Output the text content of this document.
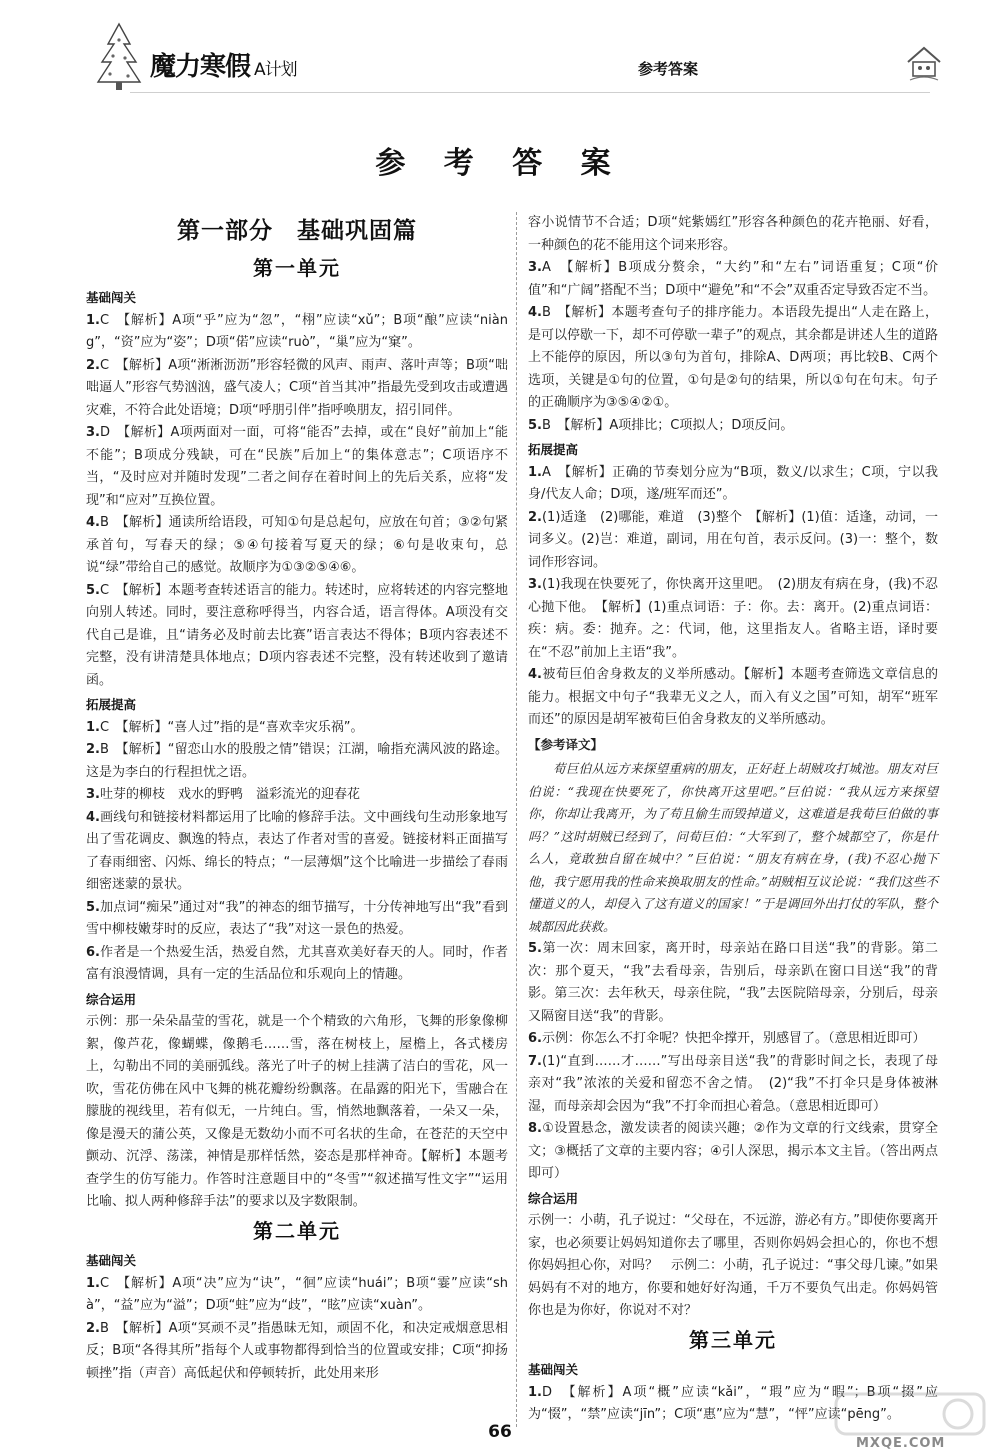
魔力寒假 A计划	参考答案
参 考 答 案
第一部分　基础巩固篇
第一单元
基础闯关

1.C　【解析】A项“乎”应为“忽”，“栩”应读“xǔ”；B项“酿”应读“niàng”，“资”应为“姿”；D项“偌”应读“ruò”，“巢”应为“窠”。

2.C　【解析】A项“淅淅沥沥”形容轻微的风声、雨声、落叶声等；B项“咄咄逼人”形容气势汹汹，盛气凌人；C项“首当其冲”指最先受到攻击或遭遇灾难，不符合此处语境；D项“呼朋引伴”指呼唤朋友，招引同伴。

3.D　【解析】A项两面对一面，可将“能否”去掉，或在“良好”前加上“能不能”；B项成分残缺，可在“民族”后加上“的集体意志”；C项语序不当，“及时应对并随时发现”二者之间存在着时间上的先后关系，应将“发现”和“应对”互换位置。

4.B　【解析】通读所给语段，可知①句是总起句，应放在句首；③②句紧承首句，写春天的绿；⑤④句接着写夏天的绿；⑥句是收束句，总说“绿”带给自己的感觉。故顺序为①③②⑤④⑥。

5.C　【解析】本题考查转述语言的能力。转述时，应将转述的内容完整地向别人转述。同时，要注意称呼得当，内容合适，语言得体。A项没有交代自己是谁，且“请务必及时前去比赛”语言表达不得体；B项内容表述不完整，没有讲清楚具体地点；D项内容表述不完整，没有转述收到了邀请函。

拓展提高

1.C　【解析】“喜人过”指的是“喜欢幸灾乐祸”。

2.B　【解析】“留恋山水的股殷之情”错误；江湖，喻指充满风波的路途。这是为李白的行程担忧之语。

3.吐芽的柳枝　戏水的野鸭　溢彩流光的迎春花

4.画线句和链接材料都运用了比喻的修辞手法。文中画线句生动形象地写出了雪花调皮、飘逸的特点，表达了作者对雪的喜爱。链接材料正面描写了春雨细密、闪烁、绵长的特点；“一层薄烟”这个比喻进一步描绘了春雨细密迷蒙的景状。

5.加点词“痴呆”通过对“我”的神态的细节描写，十分传神地写出“我”看到雪中柳枝嫩芽时的反应，表达了“我”对这一景色的热爱。

6.作者是一个热爱生活，热爱自然，尤其喜欢美好春天的人。同时，作者富有浪漫情调，具有一定的生活品位和乐观向上的情趣。

综合运用

示例：那一朵朵晶莹的雪花，就是一个个精致的六角形，飞舞的形象像柳絮，像芦花，像蝴蝶，像鹅毛……雪，落在树枝上，屋檐上，各式楼房上，勾勒出不同的美丽弧线。落光了叶子的树上挂满了洁白的雪花，风一吹，雪花仿佛在风中飞舞的桃花瓣纷纷飘落。在晶露的阳光下，雪融合在朦胧的视线里，若有似无，一片纯白。雪，悄然地飘落着，一朵又一朵，像是漫天的蒲公英，又像是无数幼小而不可名状的生命，在苍茫的天空中颤动、沉浮、荡漾，神情是那样恬然，姿态是那样神奇。【解析】本题考查学生的仿写能力。作答时注意题目中的“冬雪”“叙述描写性文字”“运用比喻、拟人两种修辞手法”的要求以及字数限制。

第二单元
基础闯关

1.C　【解析】A项“决”应为“诀”，“徊”应读“huái”；B项“霎”应读“shà”，“益”应为“溢”；D项“蛀”应为“歧”，“眩”应读“xuàn”。

2.B　【解析】A项“冥顽不灵”指愚昧无知，顽固不化，和决定戒烟意思相反；B项“各得其所”指每个人或事物都得到恰当的位置或安排；C项“抑扬顿挫”指（声音）高低起伏和停顿转折，此处用来形

容小说情节不合适；D项“姹紫嫣红”形容各种颜色的花卉艳丽、好看，一种颜色的花不能用这个词来形容。

3.A　【解析】B项成分赘余，“大约”和“左右”词语重复；C项“价值”和“广阔”搭配不当；D项中“避免”和“不会”双重否定导致否定不当。

4.B　【解析】本题考查句子的排序能力。本语段先提出“人走在路上，是可以停歇一下，却不可停歇一辈子”的观点，其余都是讲述人生的道路上不能停的原因，所以③句为首句，排除A、D两项；再比较B、C两个选项，关键是①句的位置，①句是②句的结果，所以①句在句末。句子的正确顺序为③⑤④②①。

5.B　【解析】A项排比；C项拟人；D项反问。

拓展提高

1.A　【解析】正确的节奏划分应为“B项，数义/以求生；C项，宁以我身/代友人命；D项，遂/班军而还”。

2.(1)适逢　(2)哪能，难道　(3)整个　【解析】(1)值：适逢，动词，一词多义。(2)岂：难道，副词，用在句首，表示反问。(3)一：整个，数词作形容词。

3.(1)我现在快要死了，你快离开这里吧。　(2)朋友有病在身，(我)不忍心抛下他。　【解析】(1)重点词语：子：你。去：离开。(2)重点词语：疾：病。委：抛弃。之：代词，他，这里指友人。省略主语，译时要在“不忍”前加上主语“我”。

4.被荀巨伯舍身救友的义举所感动。【解析】本题考查筛选文章信息的能力。根据文中句子“我辈无义之人，而入有义之国”可知，胡军“班军而还”的原因是胡军被荀巨伯舍身救友的义举所感动。

【参考译文】

荀巨伯从远方来探望重病的朋友，正好赶上胡贼攻打城池。朋友对巨伯说：“我现在快要死了，你快离开这里吧。”巨伯说：“我从远方来探望你，你却让我离开，为了苟且偷生而毁掉道义，这难道是我荀巨伯做的事吗？”这时胡贼已经到了，问荀巨伯：“大军到了，整个城都空了，你是什么人，竟敢独自留在城中？”巨伯说：“朋友有病在身，(我)不忍心抛下他，我宁愿用我的性命来换取朋友的性命。”胡贼相互议论说：“我们这些不懂道义的人，却侵入了这有道义的国家！”于是调回外出打仗的军队，整个城都因此获救。

5.第一次：周末回家，离开时，母亲站在路口目送“我”的背影。第二次：那个夏天，“我”去看母亲，告别后，母亲趴在窗口目送“我”的背影。第三次：去年秋天，母亲住院，“我”去医院陪母亲，分别后，母亲又隔窗目送“我”的背影。

6.示例：你怎么不打伞呢？快把伞撑开，别感冒了。（意思相近即可）

7.(1)“直到……才……”写出母亲目送“我”的背影时间之长，表现了母亲对“我”浓浓的关爱和留恋不舍之情。　(2)“我”不打伞只是身体被淋湿，而母亲却会因为“我”不打伞而担心着急。（意思相近即可）

8.①设置悬念，激发读者的阅读兴趣；②作为文章的行文线索，贯穿全文；③概括了文章的主要内容；④引人深思，揭示本文主旨。（答出两点即可）

综合运用

示例一：小萌，孔子说过：“父母在，不远游，游必有方。”即使你要离开家，也必须要让妈妈知道你去了哪里，否则你妈妈会担心的，你也不想你妈妈担心你，对吗？　示例二：小萌，孔子说过：“事父母几谏。”如果妈妈有不对的地方，你要和她好好沟通，千万不要负气出走。你妈妈管你也是为你好，你说对不对？

第三单元
基础闯关

1.D　【解析】A项“概”应读“kǎi”，“瑕”应为“暇”；B项“掇”应为“惙”，“禁”应读“jīn”；C项“惠”应为“慧”，“怦”应读“pēng”。

66
MXQE.COM
